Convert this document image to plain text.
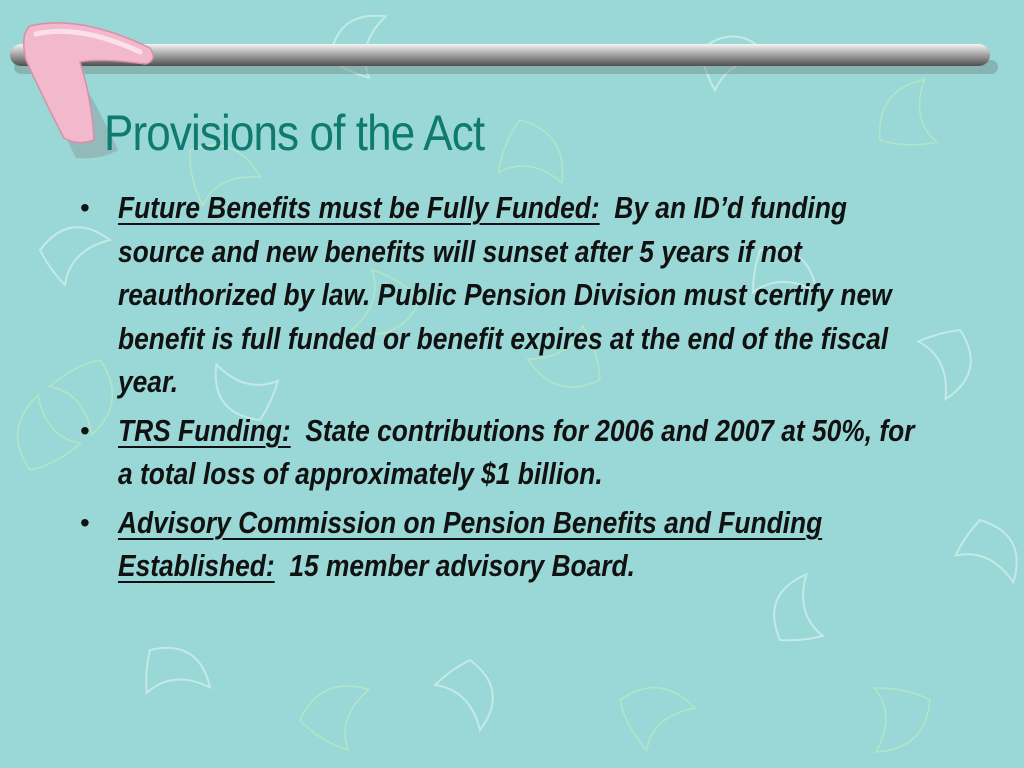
Provisions of the Act
• Future Benefits must be Fully Funded: By an ID’d funding source and new benefits will sunset after 5 years if not reauthorized by law. Public Pension Division must certify new benefit is full funded or benefit expires at the end of the fiscal year.
• TRS Funding: State contributions for 2006 and 2007 at 50%, for a total loss of approximately $1 billion.
• Advisory Commission on Pension Benefits and Funding Established: 15 member advisory Board.
